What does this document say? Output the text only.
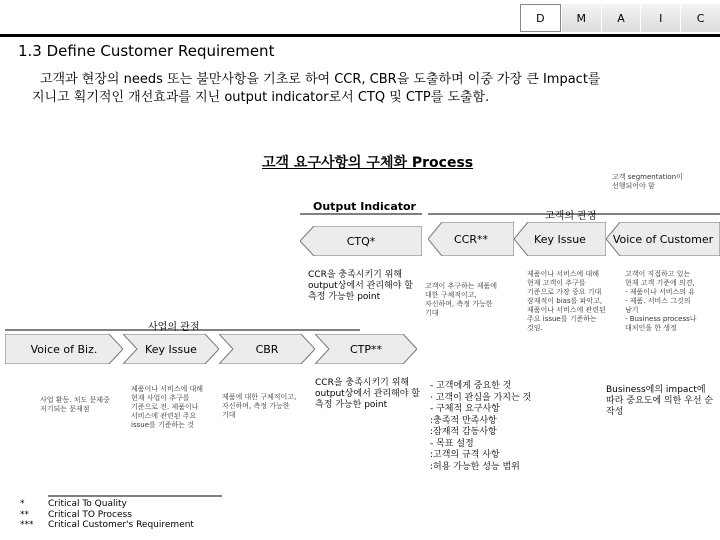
D	M	A	I	C
1.3 Define Customer Requirement
고객과 현장의 needs 또는 불만사항을 기초로 하여 CCR, CBR을 도출하며 이중 가장 큰 Impact를
지니고 획기적인 개선효과를 지닌 output indicator로서 CTQ 및 CTP를 도출함.
고객 요구사항의 구체화 Process
고객 segmentation이
선행되어야 함
Output Indicator
고객의 관점
CTQ*	CCR**	Key Issue	Voice of Customer
CCR을 충족시키기 위해
output상에서 관리해야 할
측정 가능한 point
고객이 추구하는 제품에
대한 구체적이고,
자신하며, 측정 가능한
기대
제품이나 서비스에 대해
현재 고객이 추구를
기준으로 가장 중요 기대
잠재적이 bias를 파악고,
제품이나 서비스에 관련된
주요 issue를 기준하는
것임.
고객이 직접하고 있는
현재 고객 기준에 의견,
- 제품이나 서비스의 유
- 제품. 서비스 그것의
남기
- Business process나
대처인을 한 생정
사업의 관점
Voice of Biz.	Key Issue	CBR	CTP**
사업 환동. 처도 문제중
저기되는 문제점
제품이나 서비스에 대해
현재 사업이 추구를
기준으로 전. 제품이나
서비스에 관련된 주요
issue를 기준하는 것
제품에 대한 구체적이고,
자신하며, 측정 가능한
기대
CCR을 충족시키기 위해
output상에서 관리해야 할
측정 가능한 point
- 고객에게 중요한 것
· 고객이 관심을 가지는 것
- 구체적 요구사항
:충족적 만족사항
:잠재적 감동사항
- 목표 설정
:고객의 규격 사항
:허용 가능한 성능 범위
Business에의 impact에
따라 중요도에 의한 우선 순
작성
*	Critical To Quality
**	Critical TO Process
***	Critical Customer's Requirement
